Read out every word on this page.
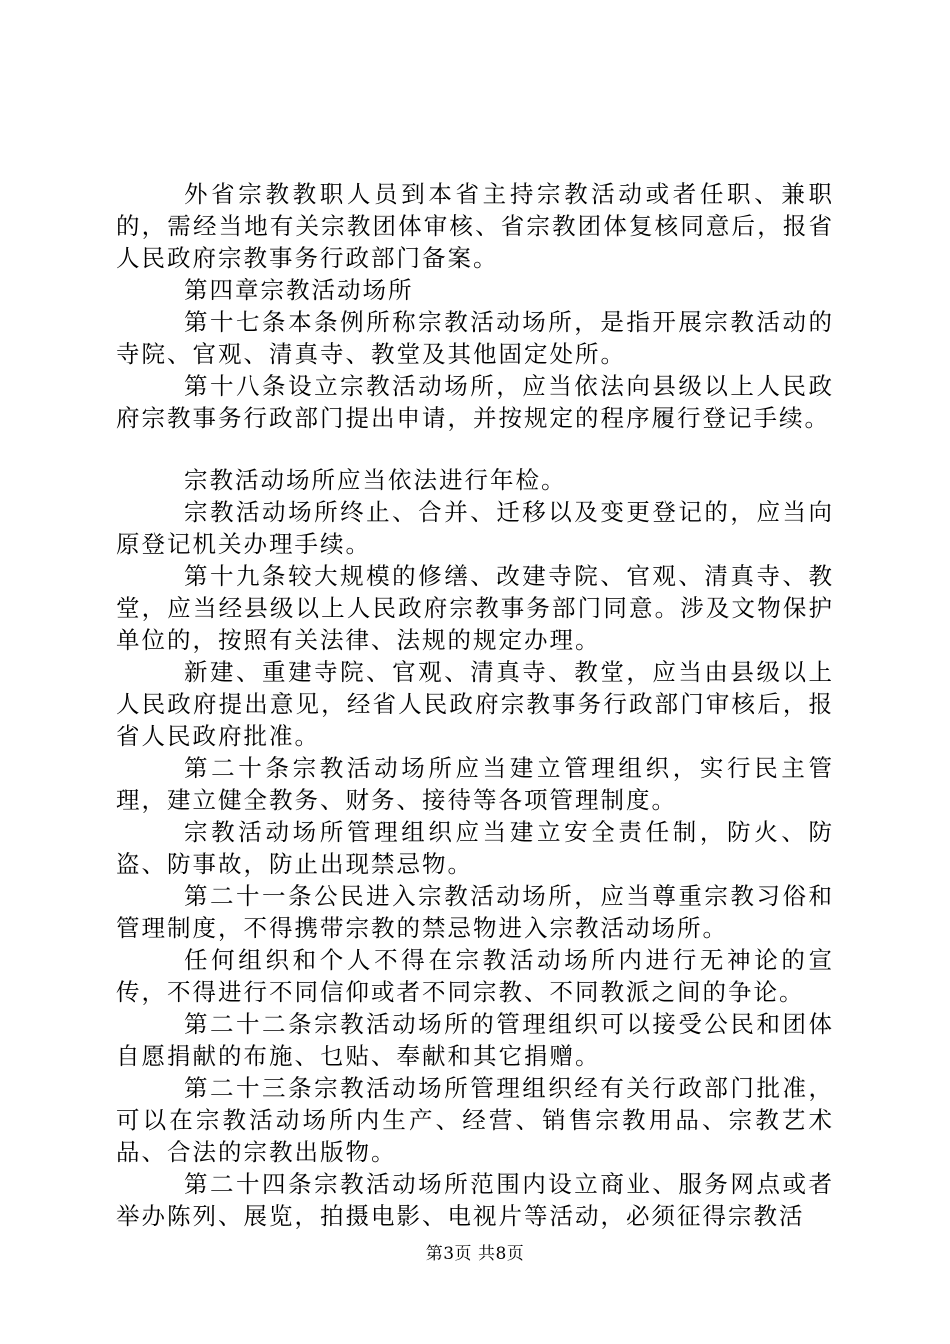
外省宗教教职人员到本省主持宗教活动或者任职、兼职的，需经当地有关宗教团体审核、省宗教团体复核同意后，报省人民政府宗教事务行政部门备案。

第四章宗教活动场所

第十七条本条例所称宗教活动场所，是指开展宗教活动的寺院、官观、清真寺、教堂及其他固定处所。

第十八条设立宗教活动场所，应当依法向县级以上人民政府宗教事务行政部门提出申请，并按规定的程序履行登记手续。

宗教活动场所应当依法进行年检。

宗教活动场所终止、合并、迁移以及变更登记的，应当向原登记机关办理手续。

第十九条较大规模的修缮、改建寺院、官观、清真寺、教堂，应当经县级以上人民政府宗教事务部门同意。涉及文物保护单位的，按照有关法律、法规的规定办理。

新建、重建寺院、官观、清真寺、教堂，应当由县级以上人民政府提出意见，经省人民政府宗教事务行政部门审核后，报省人民政府批准。

第二十条宗教活动场所应当建立管理组织，实行民主管理，建立健全教务、财务、接待等各项管理制度。

宗教活动场所管理组织应当建立安全责任制，防火、防盗、防事故，防止出现禁忌物。

第二十一条公民进入宗教活动场所，应当尊重宗教习俗和管理制度，不得携带宗教的禁忌物进入宗教活动场所。

任何组织和个人不得在宗教活动场所内进行无神论的宣传，不得进行不同信仰或者不同宗教、不同教派之间的争论。

第二十二条宗教活动场所的管理组织可以接受公民和团体自愿捐献的布施、乜贴、奉献和其它捐赠。

第二十三条宗教活动场所管理组织经有关行政部门批准，可以在宗教活动场所内生产、经营、销售宗教用品、宗教艺术品、合法的宗教出版物。

第二十四条宗教活动场所范围内设立商业、服务网点或者举办陈列、展览，拍摄电影、电视片等活动，必须征得宗教活

第3页 共8页
